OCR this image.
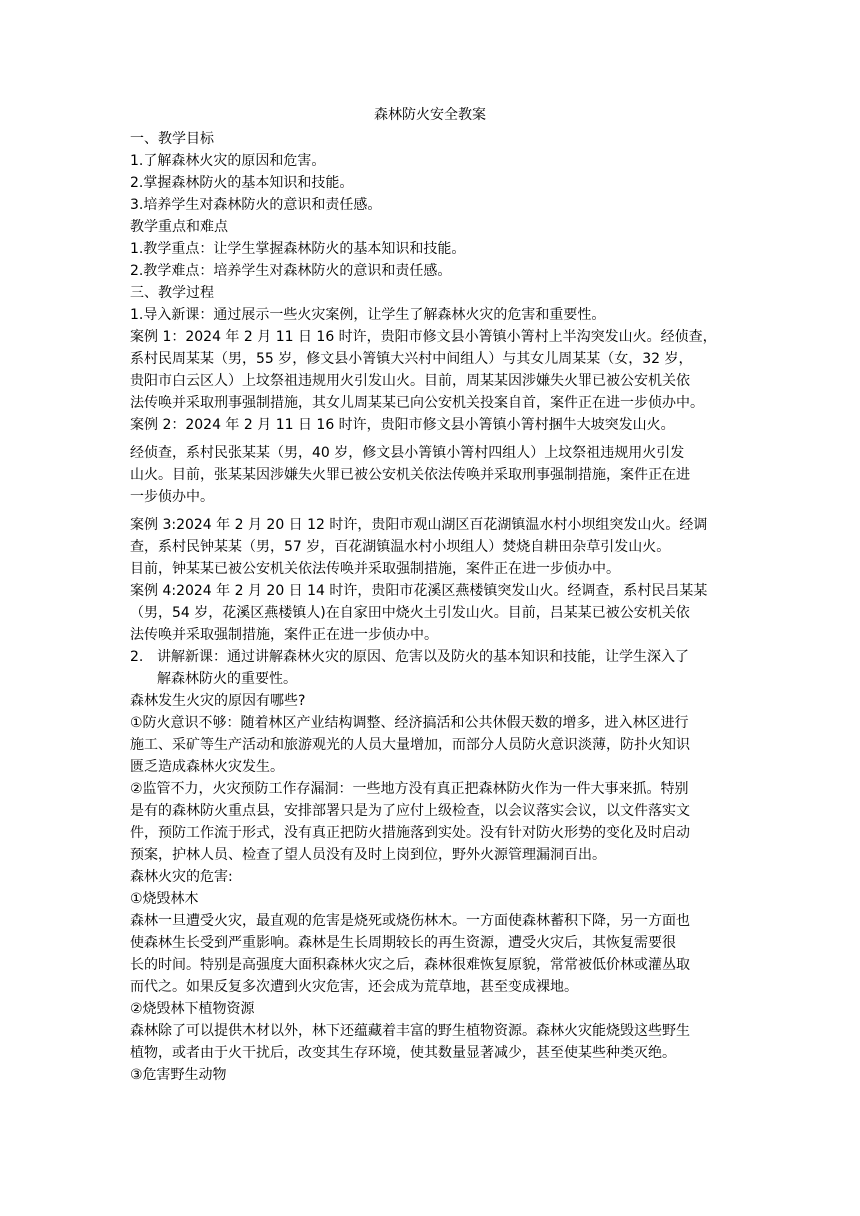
森林防火安全教案

一、教学目标

1.了解森林火灾的原因和危害。

2.掌握森林防火的基本知识和技能。

3.培养学生对森林防火的意识和责任感。

教学重点和难点

1.教学重点：让学生掌握森林防火的基本知识和技能。

2.教学难点：培养学生对森林防火的意识和责任感。

三、教学过程

1.导入新课：通过展示一些火灾案例，让学生了解森林火灾的危害和重要性。

案例 1：2024 年 2 月 11 日 16 时许，贵阳市修文县小箐镇小箐村上半沟突发山火。经侦查，

系村民周某某（男，55 岁，修文县小箐镇大兴村中间组人）与其女儿周某某（女，32 岁，

贵阳市白云区人）上坟祭祖违规用火引发山火。目前，周某某因涉嫌失火罪已被公安机关依

法传唤并采取刑事强制措施，其女儿周某某已向公安机关投案自首，案件正在进一步侦办中。

案例 2：2024 年 2 月 11 日 16 时许，贵阳市修文县小箐镇小箐村捆牛大坡突发山火。

经侦查，系村民张某某（男，40 岁，修文县小箐镇小箐村四组人）上坟祭祖违规用火引发

山火。目前，张某某因涉嫌失火罪已被公安机关依法传唤并采取刑事强制措施，案件正在进

一步侦办中。

案例 3:2024 年 2 月 20 日 12 时许，贵阳市观山湖区百花湖镇温水村小坝组突发山火。经调

查，系村民钟某某（男，57 岁，百花湖镇温水村小坝组人）焚烧自耕田杂草引发山火。

目前，钟某某已被公安机关依法传唤并采取强制措施，案件正在进一步侦办中。

案例 4:2024 年 2 月 20 日 14 时许，贵阳市花溪区燕楼镇突发山火。经调查，系村民吕某某

（男，54 岁，花溪区燕楼镇人)在自家田中烧火土引发山火。目前，吕某某已被公安机关依

法传唤并采取强制措施，案件正在进一步侦办中。

2. 讲解新课：通过讲解森林火灾的原因、危害以及防火的基本知识和技能，让学生深入了

解森林防火的重要性。

森林发生火灾的原因有哪些?

①防火意识不够：随着林区产业结构调整、经济搞活和公共休假天数的增多，进入林区进行

施工、采矿等生产活动和旅游观光的人员大量增加，而部分人员防火意识淡薄，防扑火知识

匮乏造成森林火灾发生。

②监管不力，火灾预防工作存漏洞：一些地方没有真正把森林防火作为一件大事来抓。特别

是有的森林防火重点县，安排部署只是为了应付上级检查，以会议落实会议，以文件落实文

件，预防工作流于形式，没有真正把防火措施落到实处。没有针对防火形势的变化及时启动

预案，护林人员、检查了望人员没有及时上岗到位，野外火源管理漏洞百出。

森林火灾的危害:

①烧毁林木

森林一旦遭受火灾，最直观的危害是烧死或烧伤林木。一方面使森林蓄积下降，另一方面也

使森林生长受到严重影响。森林是生长周期较长的再生资源，遭受火灾后，其恢复需要很

长的时间。特别是高强度大面积森林火灾之后，森林很难恢复原貌，常常被低价林或灌丛取

而代之。如果反复多次遭到火灾危害，还会成为荒草地，甚至变成裸地。

②烧毁林下植物资源

森林除了可以提供木材以外，林下还蕴藏着丰富的野生植物资源。森林火灾能烧毁这些野生

植物，或者由于火干扰后，改变其生存环境，使其数量显著减少，甚至使某些种类灭绝。

③危害野生动物
